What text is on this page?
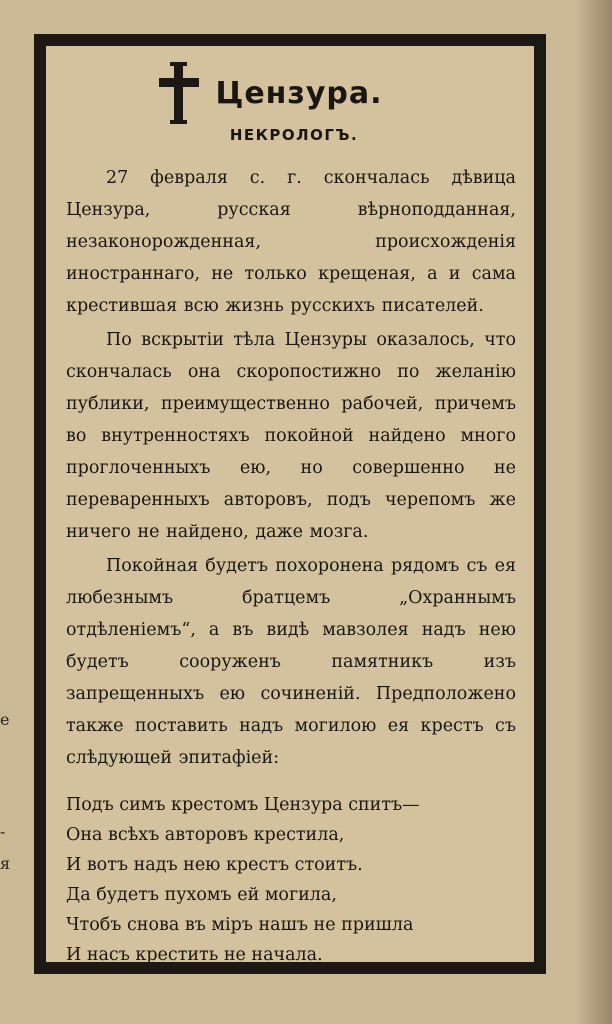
е
-
я
Цензура.
НЕКРОЛОГЪ.

27 февраля с. г. скончалась дѣвица Цензура, русская вѣрноподданная, незаконорожденная, происхожденія иностраннаго, не только крещеная, а и сама крестившая всю жизнь русскихъ писателей.

По вскрытіи тѣла Цензуры оказалось, что скончалась она скоропостижно по желанію публики, преимущественно рабочей, причемъ во внутренностяхъ покойной найдено много проглоченныхъ ею, но совершенно не переваренныхъ авторовъ, подъ черепомъ же ничего не найдено, даже мозга.

Покойная будетъ похоронена рядомъ съ ея любезнымъ братцемъ „Охраннымъ отдѣленіемъ“, а въ видѣ мавзолея надъ нею будетъ сооруженъ памятникъ изъ запрещенныхъ ею сочиненій. Предположено также поставить надъ могилою ея крестъ съ слѣдующей эпитафіей:

Подъ симъ крестомъ Цензура спитъ—
Она всѣхъ авторовъ крестила,
И вотъ надъ нею крестъ стоитъ.
Да будетъ пухомъ ей могила,
Чтобъ снова въ міръ нашъ не пришла
И насъ крестить не начала.
